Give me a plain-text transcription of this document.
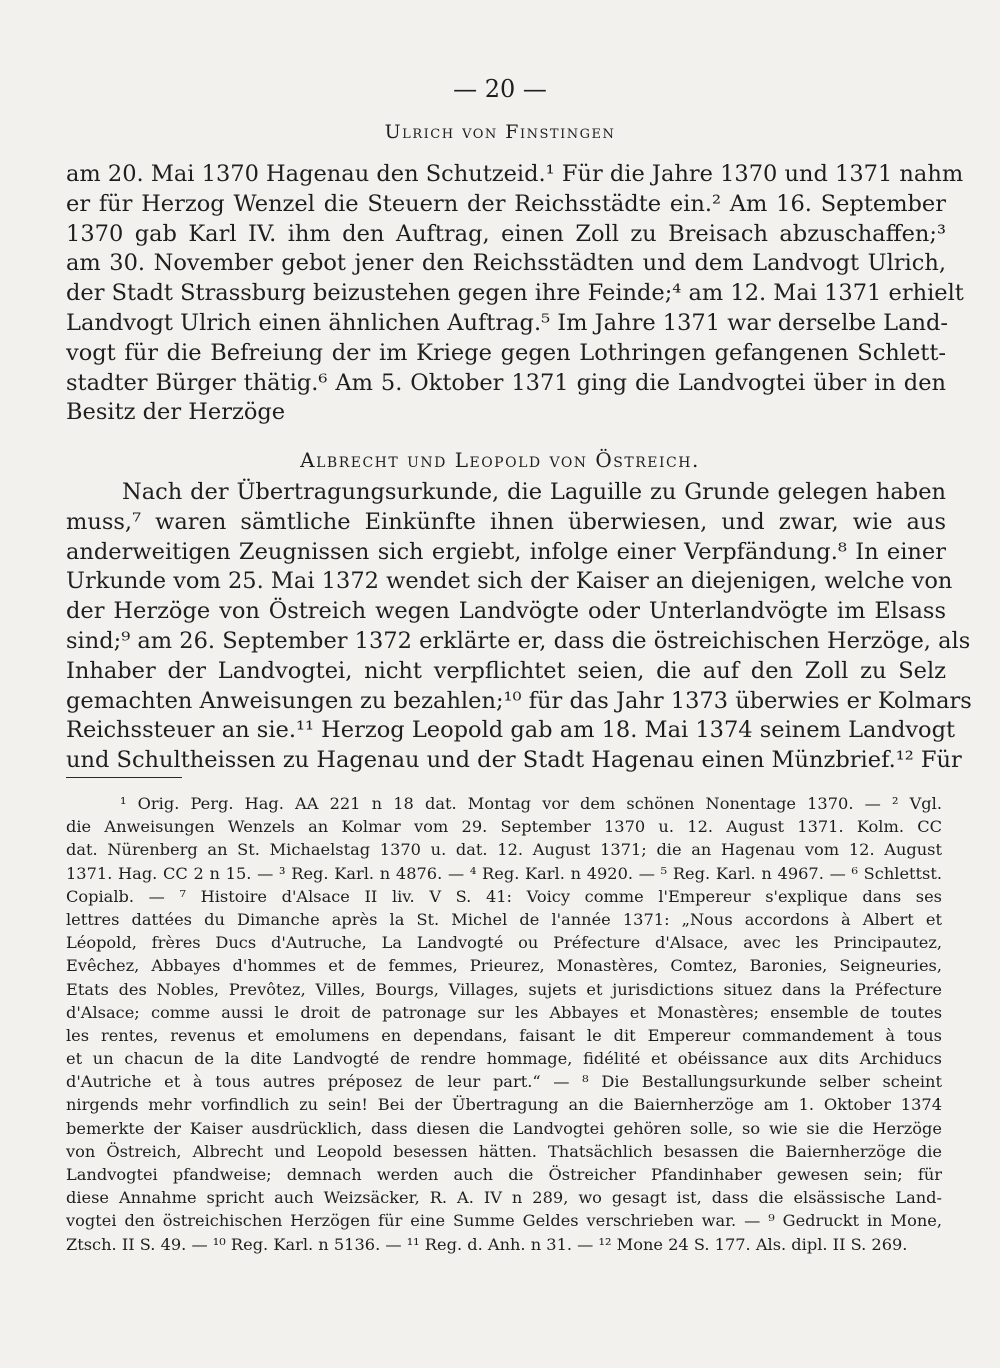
— 20 —
Ulrich von Finstingen
am 20. Mai 1370 Hagenau den Schutzeid.¹ Für die Jahre 1370 und 1371 nahm
er für Herzog Wenzel die Steuern der Reichsstädte ein.² Am 16. September
1370 gab Karl IV. ihm den Auftrag, einen Zoll zu Breisach abzuschaffen;³
am 30. November gebot jener den Reichsstädten und dem Landvogt Ulrich,
der Stadt Strassburg beizustehen gegen ihre Feinde;⁴ am 12. Mai 1371 erhielt
Landvogt Ulrich einen ähnlichen Auftrag.⁵ Im Jahre 1371 war derselbe Land-
vogt für die Befreiung der im Kriege gegen Lothringen gefangenen Schlett-
stadter Bürger thätig.⁶ Am 5. Oktober 1371 ging die Landvogtei über in den
Besitz der Herzöge
Albrecht und Leopold von Östreich.
Nach der Übertragungsurkunde, die Laguille zu Grunde gelegen haben
muss,⁷ waren sämtliche Einkünfte ihnen überwiesen, und zwar, wie aus
anderweitigen Zeugnissen sich ergiebt, infolge einer Verpfändung.⁸ In einer
Urkunde vom 25. Mai 1372 wendet sich der Kaiser an diejenigen, welche von
der Herzöge von Östreich wegen Landvögte oder Unterlandvögte im Elsass
sind;⁹ am 26. September 1372 erklärte er, dass die östreichischen Herzöge, als
Inhaber der Landvogtei, nicht verpflichtet seien, die auf den Zoll zu Selz
gemachten Anweisungen zu bezahlen;¹⁰ für das Jahr 1373 überwies er Kolmars
Reichssteuer an sie.¹¹ Herzog Leopold gab am 18. Mai 1374 seinem Landvogt
und Schultheissen zu Hagenau und der Stadt Hagenau einen Münzbrief.¹² Für
¹ Orig. Perg. Hag. AA 221 n 18 dat. Montag vor dem schönen Nonentage 1370. — ² Vgl.
die Anweisungen Wenzels an Kolmar vom 29. September 1370 u. 12. August 1371. Kolm. CC
dat. Nürenberg an St. Michaelstag 1370 u. dat. 12. August 1371; die an Hagenau vom 12. August
1371. Hag. CC 2 n 15. — ³ Reg. Karl. n 4876. — ⁴ Reg. Karl. n 4920. — ⁵ Reg. Karl. n 4967. — ⁶ Schlettst.
Copialb. — ⁷ Histoire d'Alsace II liv. V S. 41: Voicy comme l'Empereur s'explique dans ses
lettres dattées du Dimanche après la St. Michel de l'année 1371: „Nous accordons à Albert et
Léopold, frères Ducs d'Autruche, La Landvogté ou Préfecture d'Alsace, avec les Principautez,
Evêchez, Abbayes d'hommes et de femmes, Prieurez, Monastères, Comtez, Baronies, Seigneuries,
Etats des Nobles, Prevôtez, Villes, Bourgs, Villages, sujets et jurisdictions situez dans la Préfecture
d'Alsace; comme aussi le droit de patronage sur les Abbayes et Monastères; ensemble de toutes
les rentes, revenus et emolumens en dependans, faisant le dit Empereur commandement à tous
et un chacun de la dite Landvogté de rendre hommage, fidélité et obéissance aux dits Archiducs
d'Autriche et à tous autres préposez de leur part.“ — ⁸ Die Bestallungsurkunde selber scheint
nirgends mehr vorfindlich zu sein! Bei der Übertragung an die Baiernherzöge am 1. Oktober 1374
bemerkte der Kaiser ausdrücklich, dass diesen die Landvogtei gehören solle, so wie sie die Herzöge
von Östreich, Albrecht und Leopold besessen hätten. Thatsächlich besassen die Baiernherzöge die
Landvogtei pfandweise; demnach werden auch die Östreicher Pfandinhaber gewesen sein; für
diese Annahme spricht auch Weizsäcker, R. A. IV n 289, wo gesagt ist, dass die elsässische Land-
vogtei den östreichischen Herzögen für eine Summe Geldes verschrieben war. — ⁹ Gedruckt in Mone,
Ztsch. II S. 49. — ¹⁰ Reg. Karl. n 5136. — ¹¹ Reg. d. Anh. n 31. — ¹² Mone 24 S. 177. Als. dipl. II S. 269.
